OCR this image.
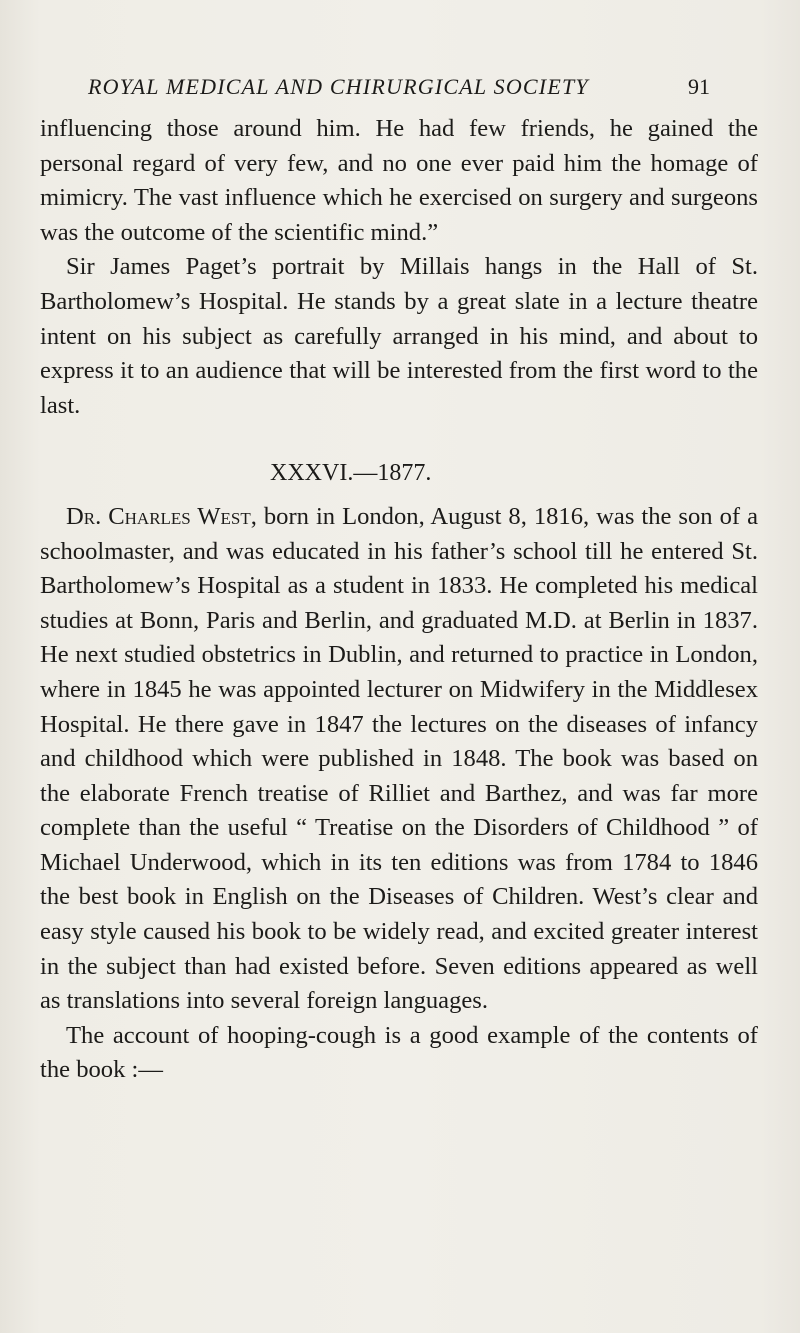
ROYAL MEDICAL AND CHIRURGICAL SOCIETY	91

influencing those around him. He had few friends, he gained the personal regard of very few, and no one ever paid him the homage of mimicry. The vast influence which he exercised on surgery and surgeons was the outcome of the scientific mind.”

Sir James Paget’s portrait by Millais hangs in the Hall of St. Bartholomew’s Hospital. He stands by a great slate in a lecture theatre intent on his subject as carefully arranged in his mind, and about to express it to an audience that will be interested from the first word to the last.

XXXVI.—1877.

Dr. Charles West, born in London, August 8, 1816, was the son of a schoolmaster, and was educated in his father’s school till he entered St. Bartholomew’s Hospital as a student in 1833. He completed his medical studies at Bonn, Paris and Berlin, and graduated M.D. at Berlin in 1837. He next studied obstetrics in Dublin, and returned to practice in London, where in 1845 he was appointed lecturer on Midwifery in the Middlesex Hospital. He there gave in 1847 the lectures on the diseases of infancy and childhood which were published in 1848. The book was based on the elaborate French treatise of Rilliet and Barthez, and was far more complete than the useful “ Treatise on the Disorders of Childhood ” of Michael Underwood, which in its ten editions was from 1784 to 1846 the best book in English on the Diseases of Children. West’s clear and easy style caused his book to be widely read, and excited greater interest in the subject than had existed before. Seven editions appeared as well as translations into several foreign languages.

The account of hooping-cough is a good example of the contents of the book :—
